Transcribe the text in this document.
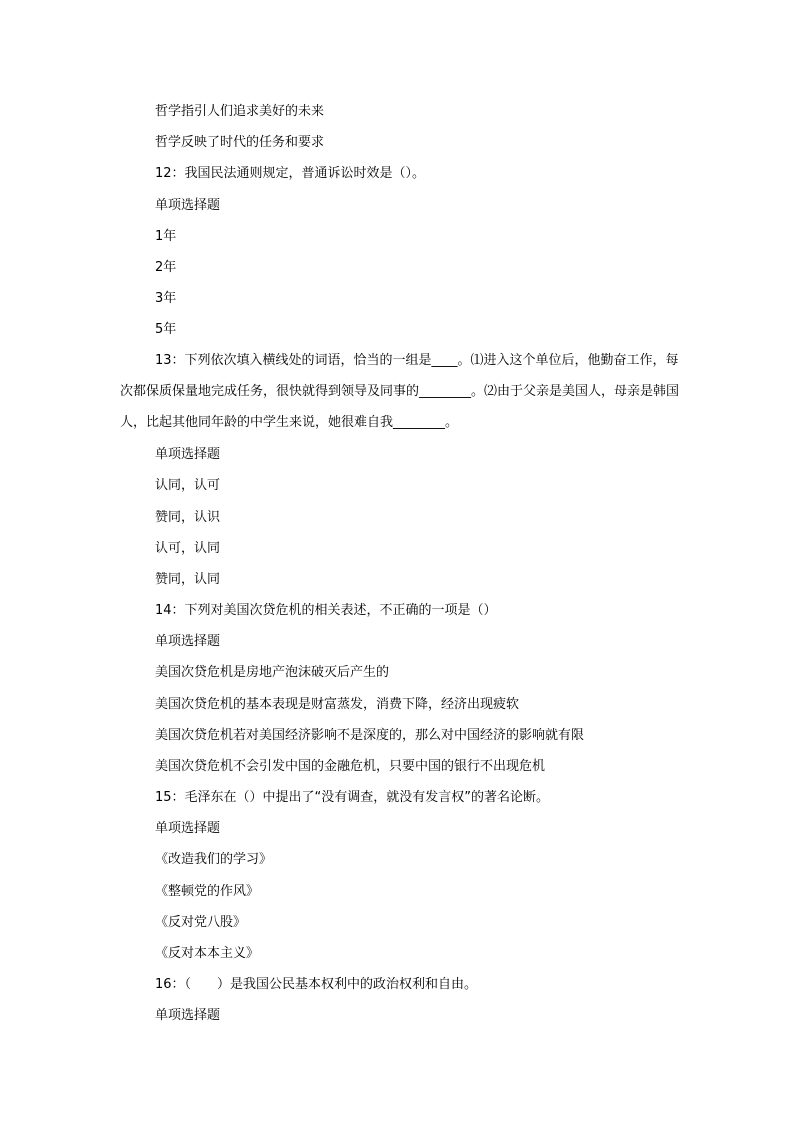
哲学指引人们追求美好的未来
哲学反映了时代的任务和要求
12：我国民法通则规定，普通诉讼时效是（）。
单项选择题
1年
2年
3年
5年
13：下列依次填入横线处的词语，恰当的一组是____。⑴进入这个单位后，他勤奋工作，每次都保质保量地完成任务，很快就得到领导及同事的________。⑵由于父亲是美国人，母亲是韩国人，比起其他同年龄的中学生来说，她很难自我________。
单项选择题
认同，认可
赞同，认识
认可，认同
赞同，认同
14：下列对美国次贷危机的相关表述，不正确的一项是（）
单项选择题
美国次贷危机是房地产泡沫破灭后产生的
美国次贷危机的基本表现是财富蒸发，消费下降，经济出现疲软
美国次贷危机若对美国经济影响不是深度的，那么对中国经济的影响就有限
美国次贷危机不会引发中国的金融危机，只要中国的银行不出现危机
15：毛泽东在（）中提出了“没有调查，就没有发言权”的著名论断。
单项选择题
《改造我们的学习》
《整顿党的作风》
《反对党八股》
《反对本本主义》
16：（　　）是我国公民基本权利中的政治权利和自由。
单项选择题
